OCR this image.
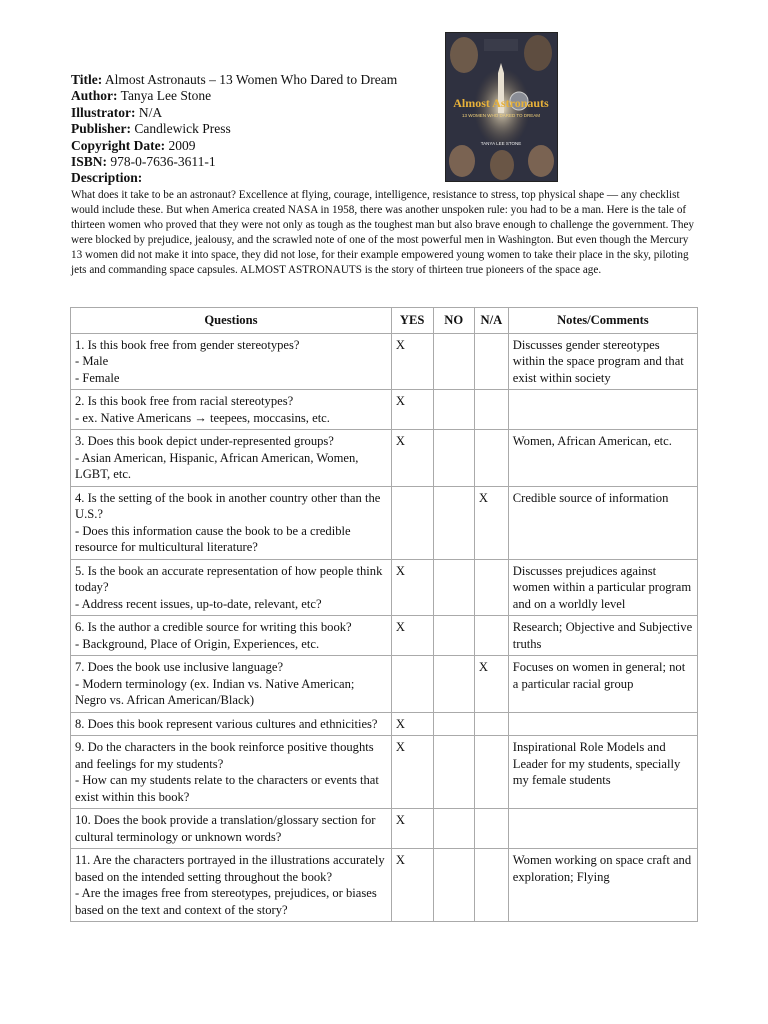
Almost Astronauts
13 WOMEN WHO DARED TO DREAM
TANYA LEE STONE
Title: Almost Astronauts – 13 Women Who Dared to Dream
Author: Tanya Lee Stone
Illustrator: N/A
Publisher: Candlewick Press
Copyright Date: 2009
ISBN: 978-0-7636-3611-1
Description:
What does it take to be an astronaut? Excellence at flying, courage, intelligence, resistance to stress, top physical shape — any checklist would include these. But when America created NASA in 1958, there was another unspoken rule: you had to be a man. Here is the tale of thirteen women who proved that they were not only as tough as the toughest man but also brave enough to challenge the government. They were blocked by prejudice, jealousy, and the scrawled note of one of the most powerful men in Washington. But even though the Mercury 13 women did not make it into space, they did not lose, for their example empowered young women to take their place in the sky, piloting jets and commanding space capsules. ALMOST ASTRONAUTS is the story of thirteen true pioneers of the space age.
Questions	YES	NO	N/A	Notes/Comments

1. Is this book free from gender stereotypes?
- Male
- Female	X			Discusses gender stereotypes within the space program and that exist within society

2. Is this book free from racial stereotypes?
- ex. Native Americans → teepees, moccasins, etc.	X			

3. Does this book depict under-represented groups?
- Asian American, Hispanic, African American, Women, LGBT, etc.	X			Women, African American, etc.

4. Is the setting of the book in another country other than the U.S.?
- Does this information cause the book to be a credible resource for multicultural literature?			X	Credible source of information

5. Is the book an accurate representation of how people think today?
- Address recent issues, up-to-date, relevant, etc?	X			Discusses prejudices against women within a particular program and on a worldly level

6. Is the author a credible source for writing this book?
- Background, Place of Origin, Experiences, etc.	X			Research; Objective and Subjective truths

7. Does the book use inclusive language?
- Modern terminology (ex. Indian vs. Native American; Negro vs. African American/Black)			X	Focuses on women in general; not a particular racial group

8. Does this book represent various cultures and ethnicities?	X			

9. Do the characters in the book reinforce positive thoughts and feelings for my students?
- How can my students relate to the characters or events that exist within this book?	X			Inspirational Role Models and Leader for my students, specially my female students

10. Does the book provide a translation/glossary section for cultural terminology or unknown words?	X			

11. Are the characters portrayed in the illustrations accurately based on the intended setting throughout the book?
- Are the images free from stereotypes, prejudices, or biases based on the text and context of the story?	X			Women working on space craft and exploration; Flying
